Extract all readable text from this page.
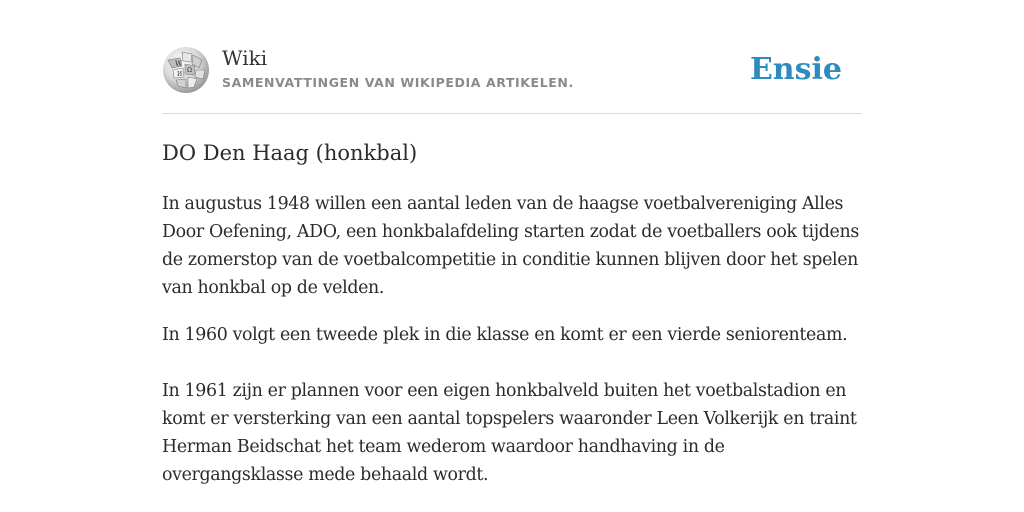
W
Ω
И
Wiki
SAMENVATTINGEN VAN WIKIPEDIA ARTIKELEN.	Ensie
DO Den Haag (honkbal)

In augustus 1948 willen een aantal leden van de haagse voetbalvereniging Alles Door Oefening, ADO, een honkbalafdeling starten zodat de voetballers ook tijdens de zomerstop van de voetbalcompetitie in conditie kunnen blijven door het spelen van honkbal op de velden.

In 1960 volgt een tweede plek in die klasse en komt er een vierde seniorenteam.

In 1961 zijn er plannen voor een eigen honkbalveld buiten het voetbalstadion en komt er versterking van een aantal topspelers waaronder Leen Volkerijk en traint Herman Beidschat het team wederom waardoor handhaving in de overgangsklasse mede behaald wordt.
